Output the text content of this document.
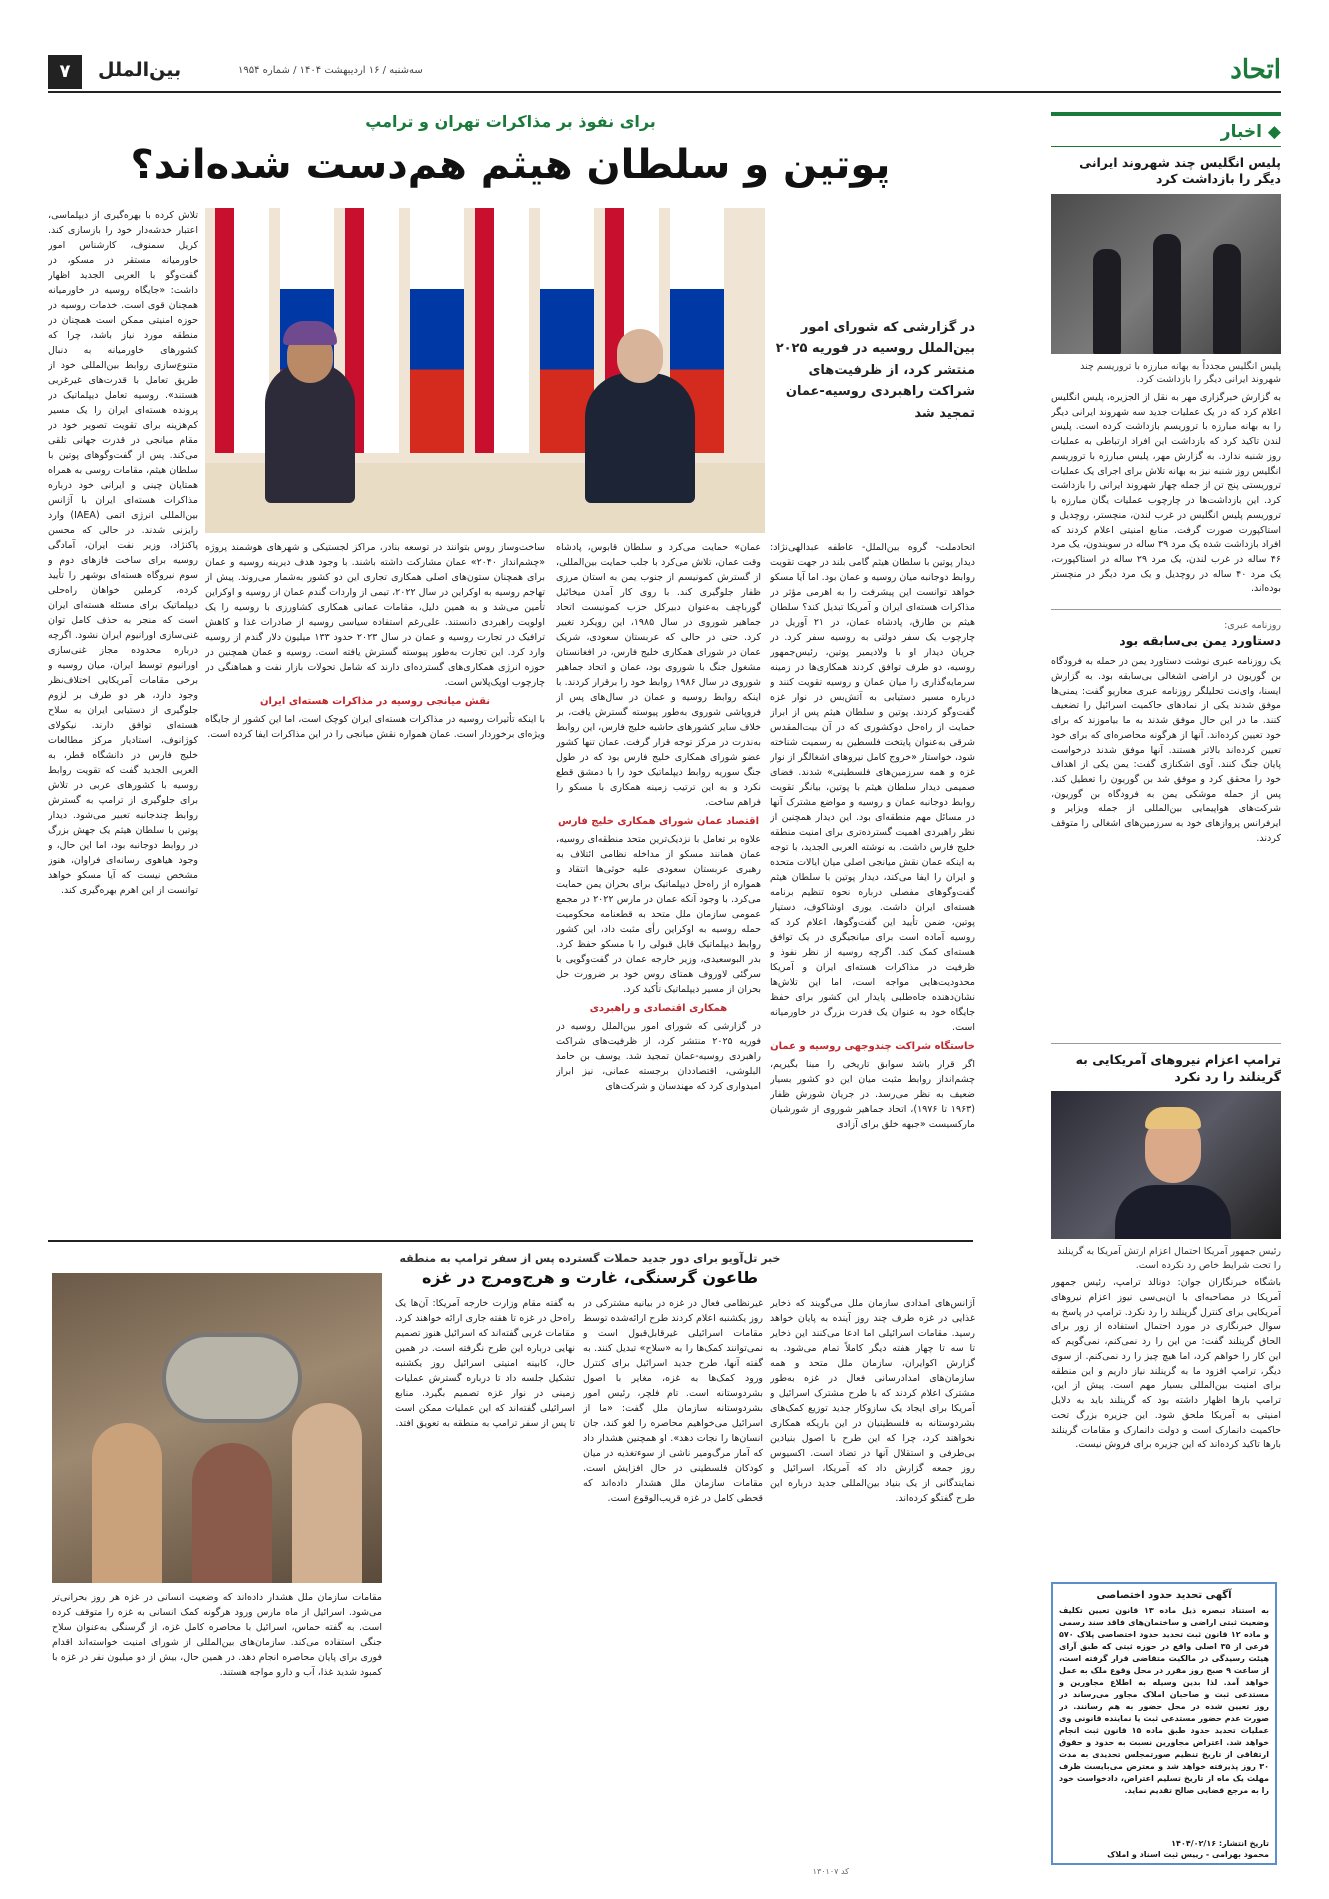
اتحاد
۷	بین‌الملل	سه‌شنبه / ۱۶ اردیبهشت ۱۴۰۴ / شماره ۱۹۵۴
◆ اخبار
پلیس انگلیس چند شهروند ایرانی دیگر را بازداشت کرد
پلیس انگلیس مجدداً به بهانه مبارزه با تروریسم چند شهروند ایرانی دیگر را بازداشت کرد.
به گزارش خبرگزاری مهر به نقل از الجزیره، پلیس انگلیس اعلام کرد که در یک عملیات جدید سه شهروند ایرانی دیگر را به بهانه مبارزه با تروریسم بازداشت کرده است. پلیس لندن تاکید کرد که بازداشت این افراد ارتباطی به عملیات روز شنبه ندارد. به گزارش مهر، پلیس مبارزه با تروریسم انگلیس روز شنبه نیز به بهانه تلاش برای اجرای یک عملیات تروریستی پنج تن از جمله چهار شهروند ایرانی را بازداشت کرد. این بازداشت‌ها در چارچوب عملیات یگان مبارزه با تروریسم پلیس انگلیس در غرب لندن، منچستر، روچدیل و استاکپورت صورت گرفت. منابع امنیتی اعلام کردند که افراد بازداشت شده یک مرد ۳۹ ساله در سویندون، یک مرد ۴۶ ساله در غرب لندن، یک مرد ۲۹ ساله در استاکپورت، یک مرد ۴۰ ساله در روچدیل و یک مرد دیگر در منچستر بوده‌اند.
روزنامه عبری:
دستاورد یمن بی‌سابقه بود
یک روزنامه عبری نوشت دستاورد یمن در حمله به فرودگاه بن گوریون در اراضی اشغالی بی‌سابقه بود. به گزارش ایسنا، وای‌نت تحلیلگر روزنامه عبری معاریو گفت: یمنی‌ها موفق شدند یکی از نمادهای حاکمیت اسرائیل را تضعیف کنند. ما در این حال موفق شدند به ما بیاموزند که برای خود تعیین کرده‌اند. آنها از هرگونه محاصره‌ای که برای خود تعیین کرده‌اند بالاتر هستند. آنها موفق شدند درخواست پایان جنگ کنند. آوی اشکنازی گفت: یمن یکی از اهداف خود را محقق کرد و موفق شد بن گوریون را تعطیل کند. پس از حمله موشکی یمن به فرودگاه بن گوریون، شرکت‌های هواپیمایی بین‌المللی از جمله ویزایر و ایرفرانس پروازهای خود به سرزمین‌های اشغالی را متوقف کردند.
ترامپ اعزام نیروهای آمریکایی به گرینلند را رد نکرد
رئیس جمهور آمریکا احتمال اعزام ارتش آمریکا به گرینلند را تحت شرایط خاص رد نکرده است.
باشگاه خبرنگاران جوان: دونالد ترامپ، رئیس جمهور آمریکا در مصاحبه‌ای با ان‌بی‌سی نیوز اعزام نیروهای آمریکایی برای کنترل گرینلند را رد نکرد. ترامپ در پاسخ به سوال خبرنگاری در مورد احتمال استفاده از زور برای الحاق گرینلند گفت: من این را رد نمی‌کنم، نمی‌گویم که این کار را خواهم کرد، اما هیچ چیز را رد نمی‌کنم. از سوی دیگر، ترامپ افزود ما به گرینلند نیاز داریم و این منطقه برای امنیت بین‌المللی بسیار مهم است. پیش از این، ترامپ بارها اظهار داشته بود که گرینلند باید به دلایل امنیتی به آمریکا ملحق شود. این جزیره بزرگ تحت حاکمیت دانمارک است و دولت دانمارک و مقامات گرینلند بارها تاکید کرده‌اند که این جزیره برای فروش نیست.
آگهی تحدید حدود اختصاصی
به استناد تبصره ذیل ماده ۱۳ قانون تعیین تکلیف وضعیت ثبتی اراضی و ساختمان‌های فاقد سند رسمی و ماده ۱۲ قانون ثبت تحدید حدود اختصاصی پلاک ۵۷۰ فرعی از ۳۵ اصلی واقع در حوزه ثبتی که طبق آرای هیئت رسیدگی در مالکیت متقاضی قرار گرفته است، از ساعت ۹ صبح روز مقرر در محل وقوع ملک به عمل خواهد آمد. لذا بدین وسیله به اطلاع مجاورین و مستدعی ثبت و صاحبان املاک مجاور می‌رساند در روز تعیین شده در محل حضور به هم رسانند. در صورت عدم حضور مستدعی ثبت یا نماینده قانونی وی عملیات تحدید حدود طبق ماده ۱۵ قانون ثبت انجام خواهد شد. اعتراض مجاورین نسبت به حدود و حقوق ارتفاقی از تاریخ تنظیم صورتمجلس تحدیدی به مدت ۳۰ روز پذیرفته خواهد شد و معترض می‌بایست ظرف مهلت یک ماه از تاریخ تسلیم اعتراض، دادخواست خود را به مرجع قضایی صالح تقدیم نماید.
تاریخ انتشار: ۱۴۰۴/۰۲/۱۶
محمود بهرامی - رییس ثبت اسناد و املاک
کد ۱۳۰۱۰۷
برای نفوذ بر مذاکرات تهران و ترامپ
پوتین و سلطان هیثم هم‌دست شده‌اند؟
در گزارشی که شورای امور بین‌الملل روسیه در فوریه ۲۰۲۵ منتشر کرد، از ظرفیت‌های شراکت راهبردی روسیه-عمان تمجید شد
اتحادملت- گروه بین‌الملل- عاطفه عبدالهی‌نژاد: دیدار پوتین با سلطان هیثم گامی بلند در جهت تقویت روابط دوجانبه میان روسیه و عمان بود. اما آیا مسکو خواهد توانست این پیشرفت را به اهرمی مؤثر در مذاکرات هسته‌ای ایران و آمریکا تبدیل کند؟ سلطان هیثم بن طارق، پادشاه عمان، در ۲۱ آوریل در چارچوب یک سفر دولتی به روسیه سفر کرد. در جریان دیدار او با ولادیمیر پوتین، رئیس‌جمهور روسیه، دو طرف توافق کردند همکاری‌ها در زمینه سرمایه‌گذاری را میان عمان و روسیه تقویت کنند و درباره مسیر دستیابی به آتش‌بس در نوار غزه گفت‌وگو کردند. پوتین و سلطان هیثم پس از ابراز حمایت از راه‌حل دوکشوری که در آن بیت‌المقدس شرقی به‌عنوان پایتخت فلسطین به رسمیت شناخته شود، خواستار «خروج کامل نیروهای اشغالگر از نوار غزه و همه سرزمین‌های فلسطینی» شدند. فضای صمیمی دیدار سلطان هیثم با پوتین، بیانگر تقویت روابط دوجانبه عمان و روسیه و مواضع مشترک آنها در مسائل مهم منطقه‌ای بود. این دیدار همچنین از نظر راهبردی اهمیت گسترده‌تری برای امنیت منطقه خلیج فارس داشت. به نوشته العربی الجدید، با توجه به اینکه عمان نقش میانجی اصلی میان ایالات متحده و ایران را ایفا می‌کند، دیدار پوتین با سلطان هیثم گفت‌وگوهای مفصلی درباره نحوه تنظیم برنامه هسته‌ای ایران داشت. یوری اوشاکوف، دستیار پوتین، ضمن تأیید این گفت‌وگوها، اعلام کرد که روسیه آماده است برای میانجیگری در یک توافق هسته‌ای کمک کند. اگرچه روسیه از نظر نفوذ و ظرفیت در مذاکرات هسته‌ای ایران و آمریکا محدودیت‌هایی مواجه است، اما این تلاش‌ها نشان‌دهنده جاه‌طلبی پایدار این کشور برای حفظ جایگاه خود به عنوان یک قدرت بزرگ در خاورمیانه است.
خاستگاه شراکت چندوجهی روسیه و عمان
اگر قرار باشد سوابق تاریخی را مبنا بگیریم، چشم‌انداز روابط مثبت میان این دو کشور بسیار ضعیف به نظر می‌رسد. در جریان شورش ظفار (۱۹۶۳ تا ۱۹۷۶)، اتحاد جماهیر شوروی از شورشیان مارکسیست «جبهه خلق برای آزادی
عمان» حمایت می‌کرد و سلطان قابوس، پادشاه وقت عمان، تلاش می‌کرد با جلب حمایت بین‌المللی، از گسترش کمونیسم از جنوب یمن به استان مرزی ظفار جلوگیری کند. با روی کار آمدن میخائیل گورباچف به‌عنوان دبیرکل حزب کمونیست اتحاد جماهیر شوروی در سال ۱۹۸۵، این رویکرد تغییر کرد. حتی در حالی که عربستان سعودی، شریک عمان در شورای همکاری خلیج فارس، در افغانستان مشغول جنگ با شوروی بود، عمان و اتحاد جماهیر شوروی در سال ۱۹۸۶ روابط خود را برقرار کردند. با اینکه روابط روسیه و عمان در سال‌های پس از فروپاشی شوروی به‌طور پیوسته گسترش یافت، بر خلاف سایر کشورهای حاشیه خلیج فارس، این روابط به‌ندرت در مرکز توجه قرار گرفت. عمان تنها کشور عضو شورای همکاری خلیج فارس بود که در طول جنگ سوریه روابط دیپلماتیک خود را با دمشق قطع نکرد و به این ترتیب زمینه همکاری با مسکو را فراهم ساخت.
اقتصاد عمان شورای همکاری خلیج فارس
علاوه بر تعامل با نزدیک‌ترین متحد منطقه‌ای روسیه، عمان همانند مسکو از مداخله نظامی ائتلاف به رهبری عربستان سعودی علیه حوثی‌ها انتقاد و همواره از راه‌حل دیپلماتیک برای بحران یمن حمایت می‌کرد. با وجود آنکه عمان در مارس ۲۰۲۲ در مجمع عمومی سازمان ملل متحد به قطعنامه محکومیت حمله روسیه به اوکراین رأی مثبت داد، این کشور روابط دیپلماتیک قابل قبولی را با مسکو حفظ کرد. بدر البوسعیدی، وزیر خارجه عمان در گفت‌وگویی با سرگئی لاوروف همتای روس خود بر ضرورت حل بحران از مسیر دیپلماتیک تأکید کرد.
همکاری اقتصادی و راهبردی
در گزارشی که شورای امور بین‌الملل روسیه در فوریه ۲۰۲۵ منتشر کرد، از ظرفیت‌های شراکت راهبردی روسیه-عمان تمجید شد. یوسف بن حامد البلوشی، اقتصاددان برجسته عمانی، نیز ابراز امیدواری کرد که مهندسان و شرکت‌های
ساخت‌وساز روس بتوانند در توسعه بنادر، مراکز لجستیکی و شهرهای هوشمند پروژه «چشم‌انداز ۲۰۴۰» عمان مشارکت داشته باشند. با وجود هدف دیرینه روسیه و عمان برای همچنان ستون‌های اصلی همکاری تجاری این دو کشور به‌شمار می‌روند. پیش از تهاجم روسیه به اوکراین در سال ۲۰۲۲، تیمی از واردات گندم عمان از روسیه و اوکراین تأمین می‌شد و به همین دلیل، مقامات عمانی همکاری کشاورزی با روسیه را یک اولویت راهبردی دانستند. علی‌رغم استفاده سیاسی روسیه از صادرات غذا و کاهش ترافیک در تجارت روسیه و عمان در سال ۲۰۲۳ حدود ۱۳۳ میلیون دلار گندم از روسیه وارد کرد. این تجارت به‌طور پیوسته گسترش یافته است. روسیه و عمان همچنین در حوزه انرژی همکاری‌های گسترده‌ای دارند که شامل تحولات بازار نفت و هماهنگی در چارچوب اوپک‌پلاس است.
نقش میانجی روسیه در مذاکرات هسته‌ای ایران
با اینکه تأثیرات روسیه در مذاکرات هسته‌ای ایران کوچک است، اما این کشور از جایگاه ویژه‌ای برخوردار است. عمان همواره نقش میانجی را در این مذاکرات ایفا کرده است.
تلاش کرده با بهره‌گیری از دیپلماسی، اعتبار خدشه‌دار خود را بازسازی کند. کریل سمنوف، کارشناس امور خاورمیانه مستقر در مسکو، در گفت‌وگو با العربی الجدید اظهار داشت: «جایگاه روسیه در خاورمیانه همچنان قوی است. خدمات روسیه در حوزه امنیتی ممکن است همچنان در منطقه مورد نیاز باشد، چرا که کشورهای خاورمیانه به دنبال متنوع‌سازی روابط بین‌المللی خود از طریق تعامل با قدرت‌های غیرغربی هستند». روسیه تعامل دیپلماتیک در پرونده هسته‌ای ایران را یک مسیر کم‌هزینه برای تقویت تصویر خود در مقام میانجی در قدرت جهانی تلقی می‌کند. پس از گفت‌وگوهای پوتین با سلطان هیثم، مقامات روسی به همراه همتایان چینی و ایرانی خود درباره مذاکرات هسته‌ای ایران با آژانس بین‌المللی انرژی اتمی (IAEA) وارد رایزنی شدند. در حالی که محسن پاکنژاد، وزیر نفت ایران، آمادگی روسیه برای ساخت فازهای دوم و سوم نیروگاه هسته‌ای بوشهر را تأیید کرده، کرملین خواهان راه‌حلی دیپلماتیک برای مسئله هسته‌ای ایران است که منجر به حذف کامل توان غنی‌سازی اورانیوم ایران نشود. اگرچه درباره محدوده مجاز غنی‌سازی اورانیوم توسط ایران، میان روسیه و برخی مقامات آمریکایی اختلاف‌نظر وجود دارد، هر دو طرف بر لزوم جلوگیری از دستیابی ایران به سلاح هسته‌ای توافق دارند. نیکولای کوژانوف، استادیار مرکز مطالعات خلیج فارس در دانشگاه قطر، به العربی الجدید گفت که تقویت روابط روسیه با کشورهای عربی در تلاش برای جلوگیری از ترامپ به گسترش روابط چندجانبه تعبیر می‌شود. دیدار پوتین با سلطان هیثم یک جهش بزرگ در روابط دوجانبه بود، اما این حال، و وجود هیاهوی رسانه‌ای فراوان، هنوز مشخص نیست که آیا مسکو خواهد توانست از این اهرم بهره‌گیری کند.
خبر تل‌آویو برای دور جدید حملات گسترده پس از سفر ترامپ به منطقه
طاعون گرسنگی، غارت و هرج‌ومرج در غزه
آژانس‌های امدادی سازمان ملل می‌گویند که ذخایر غذایی در غزه طرف چند روز آینده به پایان خواهد رسید. مقامات اسرائیلی اما ادعا می‌کنند این ذخایر تا سه تا چهار هفته دیگر کاملاً تمام می‌شود. به گزارش اکوایران، سازمان ملل متحد و همه سازمان‌های امدادرسانی فعال در غزه به‌طور مشترک اعلام کردند که با طرح مشترک اسرائیل و آمریکا برای ایجاد یک سازوکار جدید توزیع کمک‌های بشردوستانه به فلسطینیان در این باریکه همکاری نخواهند کرد، چرا که این طرح با اصول بنیادین بی‌طرفی و استقلال آنها در تضاد است. اکسیوس روز جمعه گزارش داد که آمریکا، اسرائیل و نمایندگانی از یک بنیاد بین‌المللی جدید درباره این طرح گفتگو کرده‌اند.
غیرنظامی فعال در غزه در بیانیه مشترکی در روز یکشنبه اعلام کردند طرح ارائه‌شده توسط مقامات اسرائیلی غیرقابل‌قبول است و نمی‌توانند کمک‌ها را به «سلاح» تبدیل کنند. به گفته آنها، طرح جدید اسرائیل برای کنترل ورود کمک‌ها به غزه، مغایر با اصول بشردوستانه است. تام فلچر، رئیس امور بشردوستانه سازمان ملل گفت: «ما از اسرائیل می‌خواهیم محاصره را لغو کند، جان انسان‌ها را نجات دهد». او همچنین هشدار داد که آمار مرگ‌ومیر ناشی از سوءتغذیه در میان کودکان فلسطینی در حال افزایش است. مقامات سازمان ملل هشدار داده‌اند که قحطی کامل در غزه قریب‌الوقوع است.
به گفته مقام وزارت خارجه آمریکا: آن‌ها یک راه‌حل در غزه تا هفته جاری ارائه خواهند کرد. مقامات غربی گفته‌اند که اسرائیل هنوز تصمیم نهایی درباره این طرح نگرفته است. در همین حال، کابینه امنیتی اسرائیل روز یکشنبه تشکیل جلسه داد تا درباره گسترش عملیات زمینی در نوار غزه تصمیم بگیرد. منابع اسرائیلی گفته‌اند که این عملیات ممکن است تا پس از سفر ترامپ به منطقه به تعویق افتد.
مقامات سازمان ملل هشدار داده‌اند که وضعیت انسانی در غزه هر روز بحرانی‌تر می‌شود. اسرائیل از ماه مارس ورود هرگونه کمک انسانی به غزه را متوقف کرده است. به گفته حماس، اسرائیل با محاصره کامل غزه، از گرسنگی به‌عنوان سلاح جنگی استفاده می‌کند. سازمان‌های بین‌المللی از شورای امنیت خواسته‌اند اقدام فوری برای پایان محاصره انجام دهد. در همین حال، بیش از دو میلیون نفر در غزه با کمبود شدید غذا، آب و دارو مواجه هستند.
